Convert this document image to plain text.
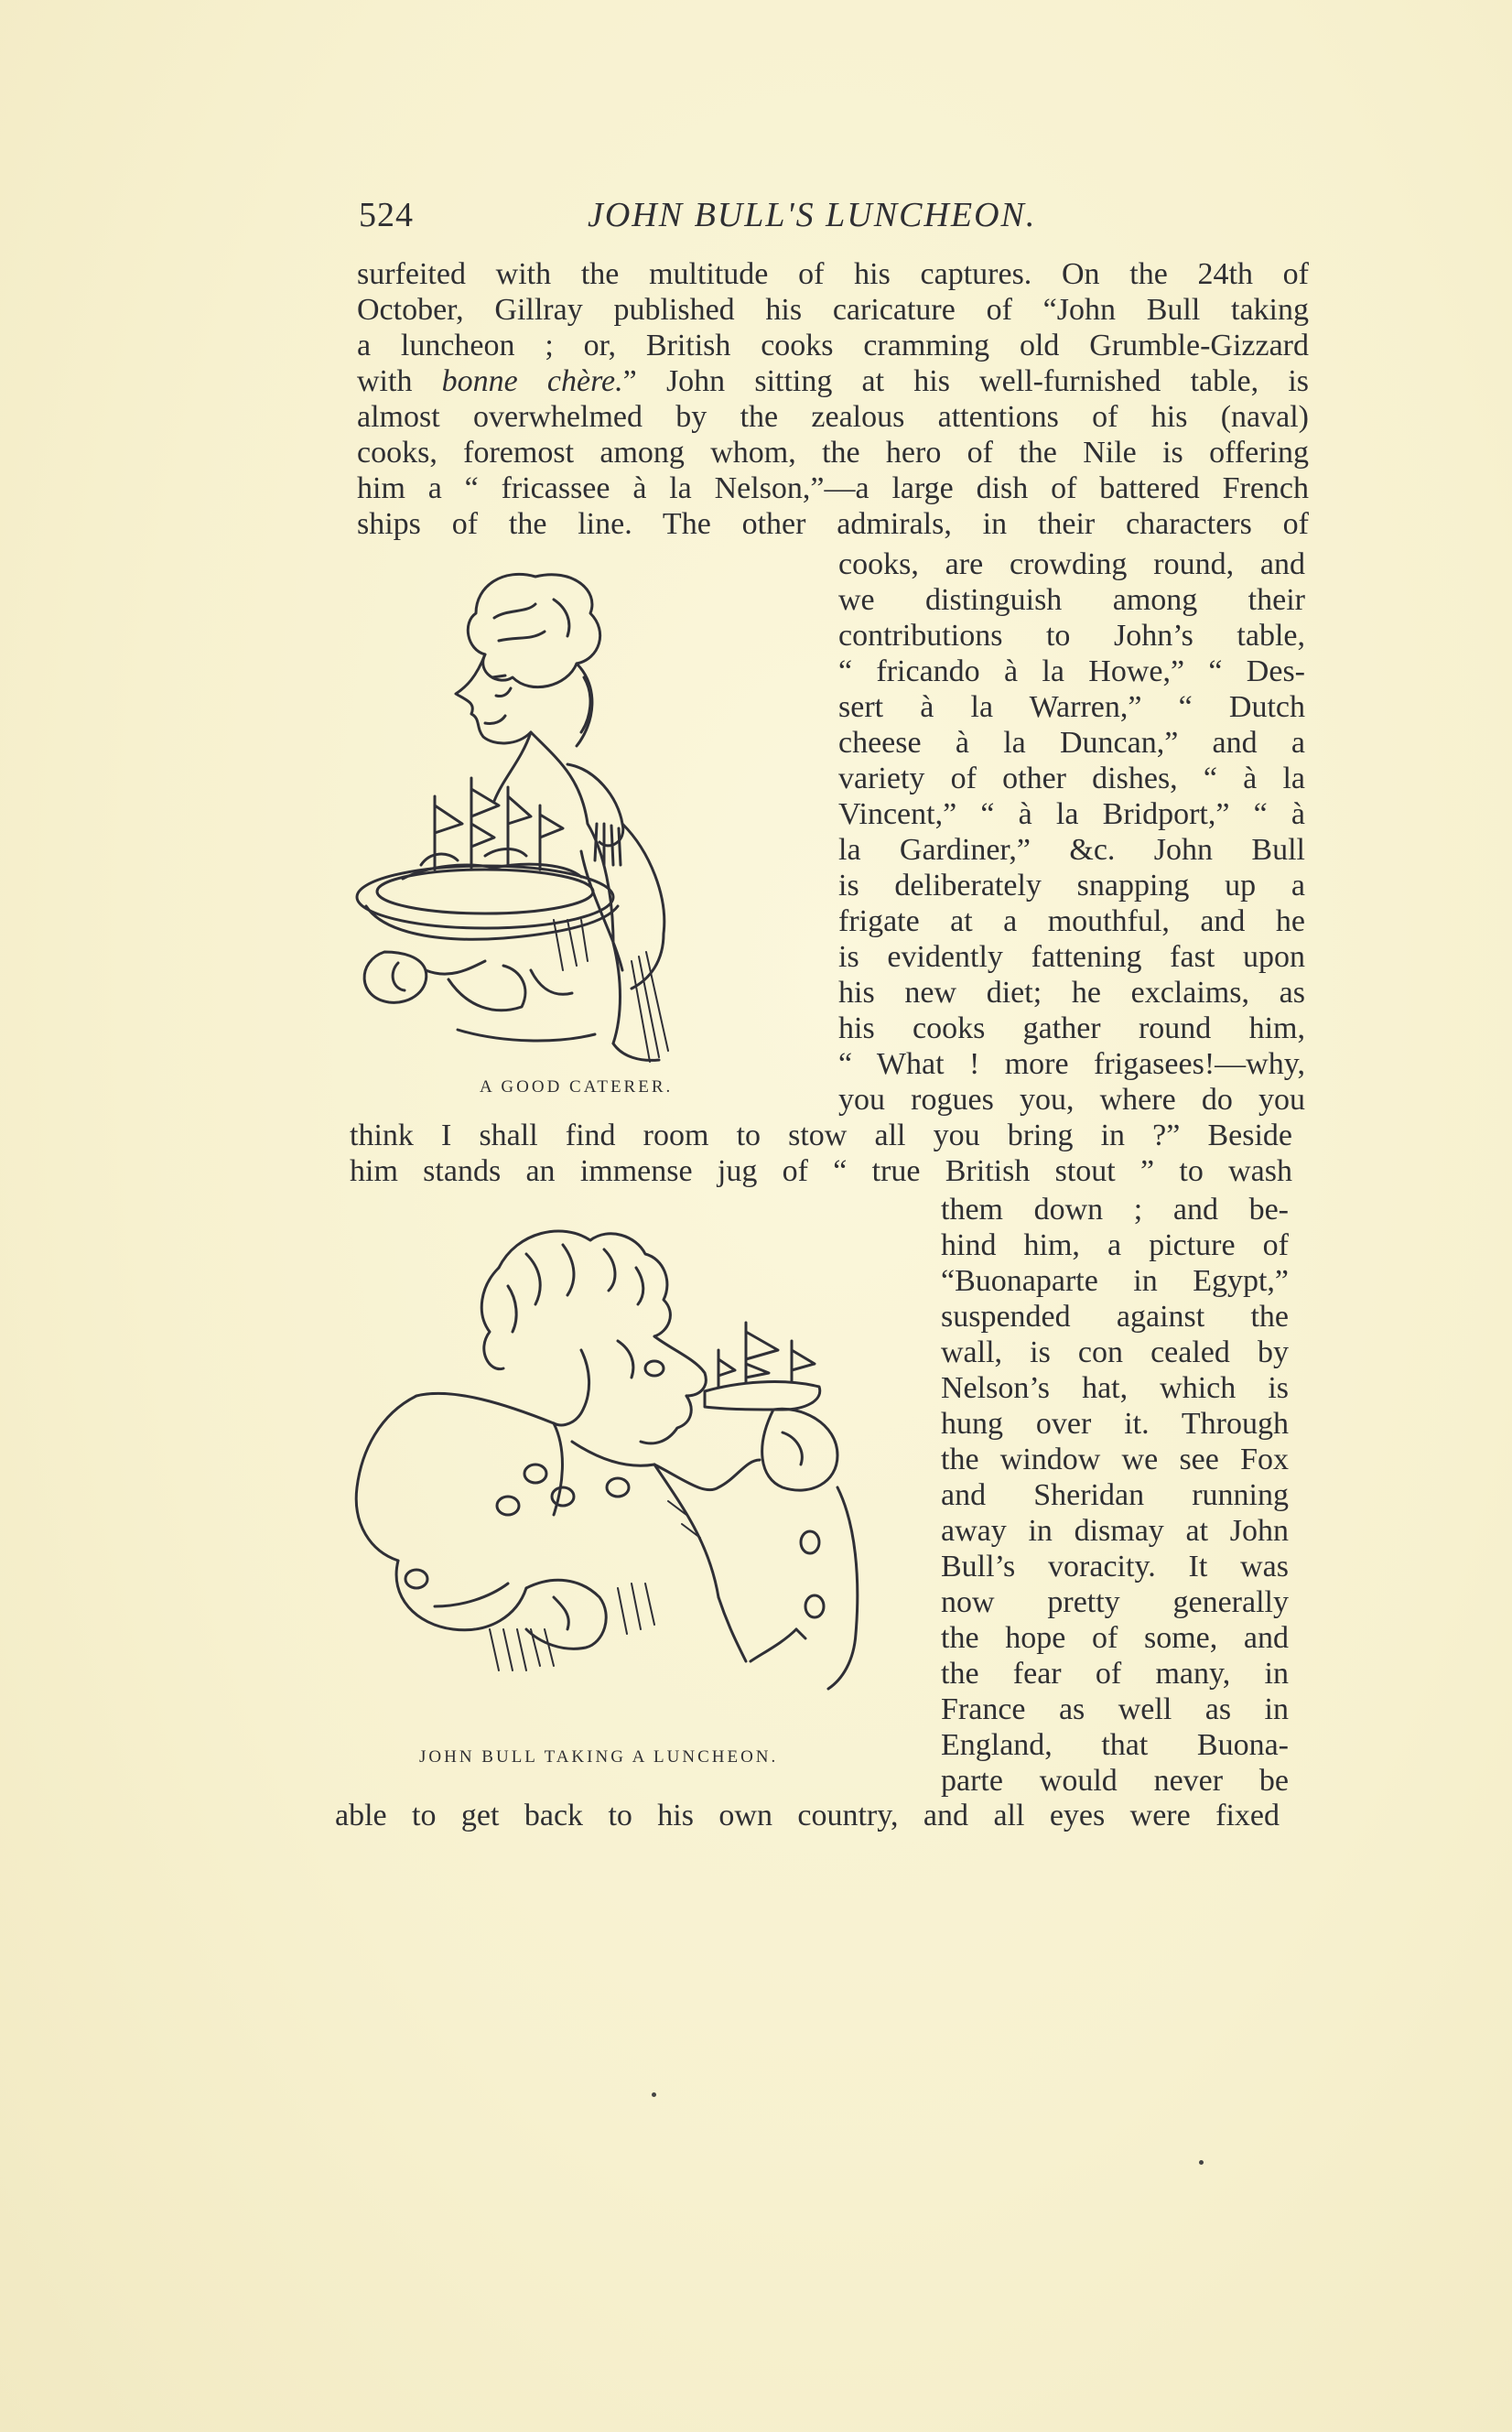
524	JOHN BULL'S LUNCHEON.
surfeited with the multitude of his captures. On the 24th of
October, Gillray published his caricature of “John Bull taking
a luncheon ; or, British cooks cramming old Grumble-Gizzard
with bonne chère.” John sitting at his well-furnished table, is
almost overwhelmed by the zealous attentions of his (naval)
cooks, foremost among whom, the hero of the Nile is offering
him a “ fricassee à la Nelson,”—a large dish of battered French
ships of the line. The other admirals, in their characters of
cooks, are crowding round, and
we distinguish among their
contributions to John’s table,
“ fricando à la Howe,” “ Des-
sert à la Warren,” “ Dutch
cheese à la Duncan,” and a
variety of other dishes, “ à la
Vincent,” “ à la Bridport,” “ à
la Gardiner,” &c. John Bull
is deliberately snapping up a
frigate at a mouthful, and he
is evidently fattening fast upon
his new diet; he exclaims, as
his cooks gather round him,
“ What ! more frigasees!—why,
you rogues you, where do you
A GOOD CATERER.
think I shall find room to stow all you bring in ?” Beside
him stands an immense jug of “ true British stout ” to wash
them down ; and be-
hind him, a picture of
“Buonaparte in Egypt,”
suspended against the
wall, is con cealed by
Nelson’s hat, which is
hung over it. Through
the window we see Fox
and Sheridan running
away in dismay at John
Bull’s voracity. It was
now pretty generally
the hope of some, and
the fear of many, in
France as well as in
England, that Buona-
parte would never be
JOHN BULL TAKING A LUNCHEON.
able to get back to his own country, and all eyes were fixed
